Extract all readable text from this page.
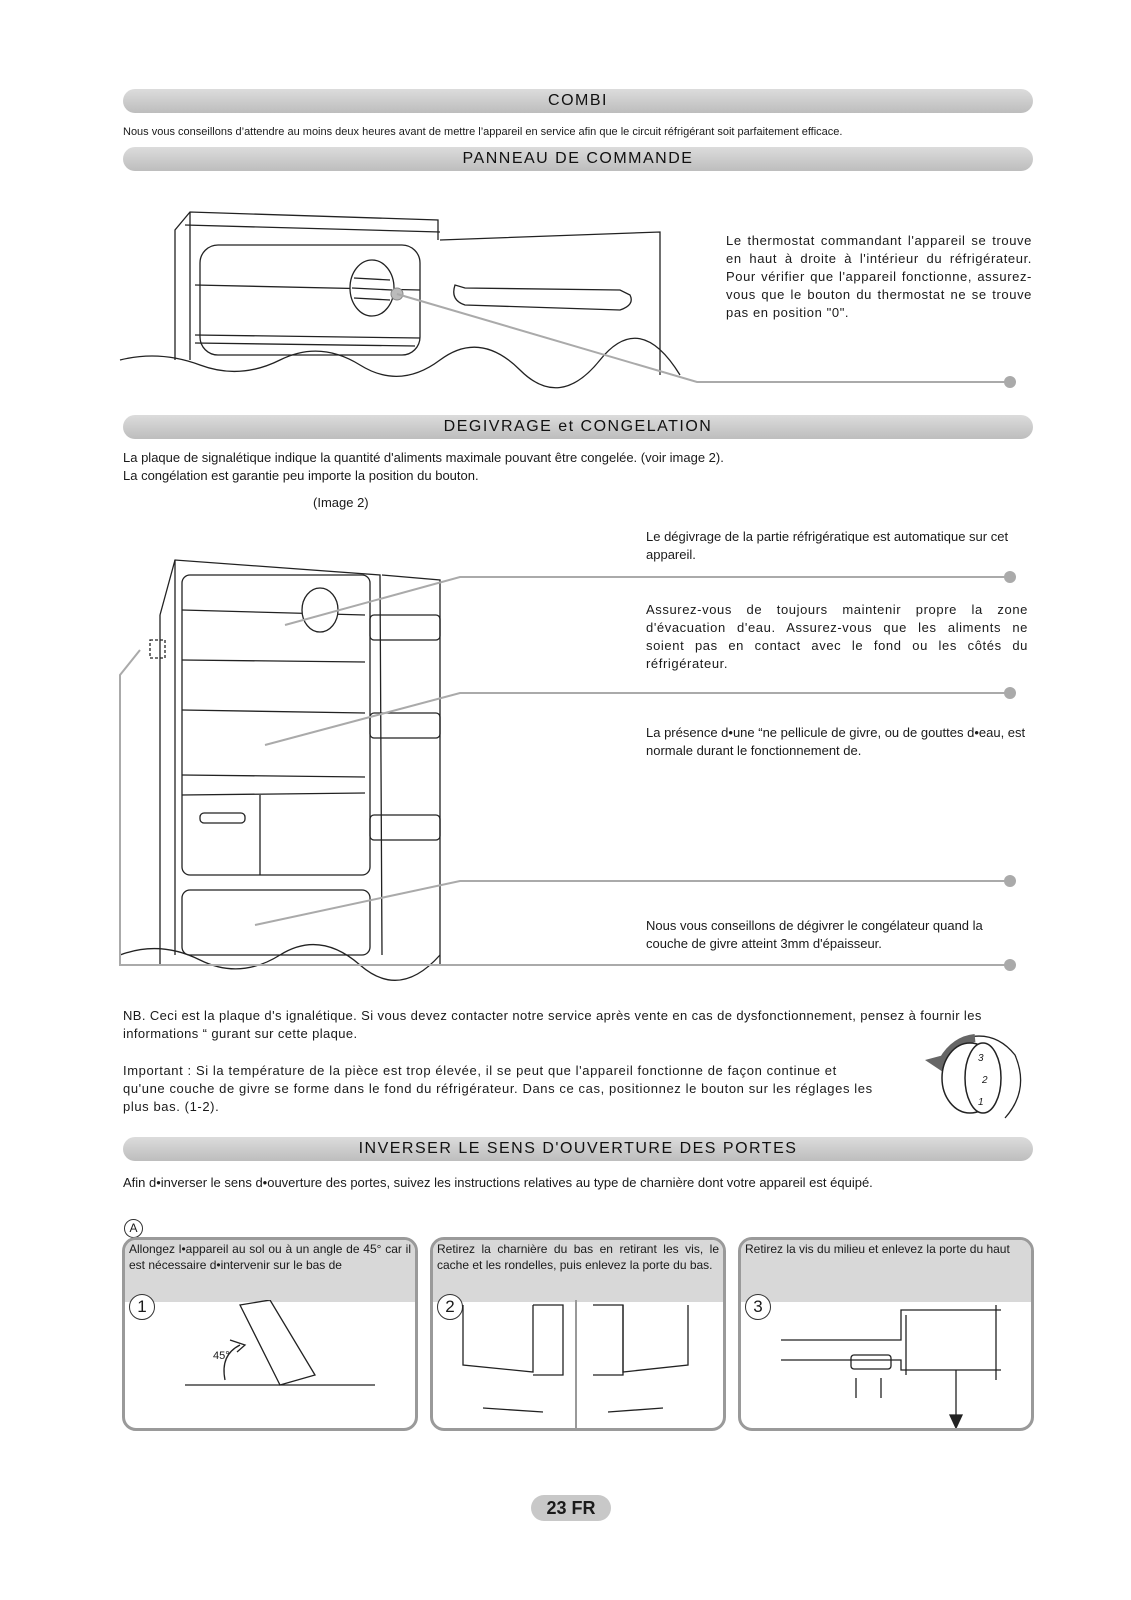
COMBI
Nous vous conseillons d’attendre au moins deux heures avant de mettre l’appareil en service afin que le circuit réfrigérant soit parfaitement efficace.
PANNEAU DE COMMANDE
Le thermostat commandant l'appareil se trouve en haut à droite à l'intérieur du réfrigérateur. Pour vérifier que l'appareil fonctionne, assurez-vous que le bouton du thermostat ne se trouve pas en position "0".
DEGIVRAGE et CONGELATION
La plaque de signalétique indique la quantité d'aliments maximale pouvant être congelée. (voir image 2).
La congélation est garantie peu importe la position du bouton.
(Image 2)
Le dégivrage de la partie réfrigératique est automatique sur cet appareil.
Assurez-vous de toujours maintenir propre la zone d'évacuation d'eau. Assurez-vous que les aliments ne soient pas en contact avec le fond ou les côtés du réfrigérateur.
La présence d•une “ne pellicule de givre, ou de gouttes d•eau, est normale durant le fonctionnement de.
Nous vous conseillons de dégivrer le congélateur quand la couche de givre atteint 3mm d'épaisseur.
NB. Ceci est la plaque d's ignalétique. Si vous devez contacter notre service après vente en cas de dysfonctionnement, pensez à fournir les informations “ gurant sur cette plaque.
Important : Si la température de la pièce est trop élevée, il se peut que l'appareil fonctionne de façon continue et qu'une couche de givre se forme dans le fond du réfrigérateur. Dans ce cas, positionnez le bouton sur les réglages les plus bas. (1-2).
3
2
1
INVERSER LE SENS D'OUVERTURE DES PORTES
Afin d•inverser le sens d•ouverture des portes, suivez les instructions relatives au type de charnière dont votre appareil est équipé.
A
Allongez l•appareil au sol ou à un angle de 45° car il est nécessaire d•intervenir sur le bas de
1
45°
Retirez la charnière du bas en retirant les vis, le cache et les rondelles, puis enlevez la porte du bas.
2
Retirez la vis du milieu et enlevez la porte du haut
3
23 FR
